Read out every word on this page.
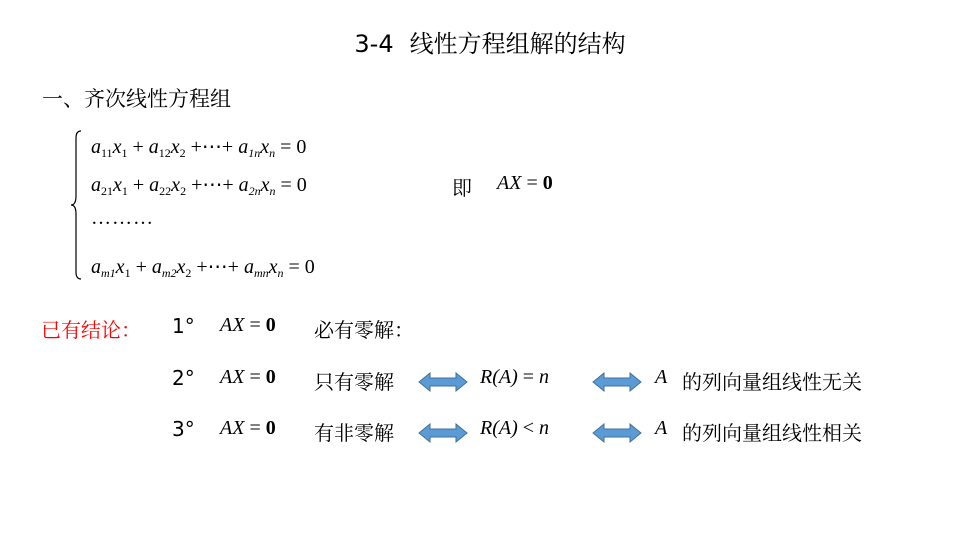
3-4 线性方程组解的结构
一、齐次线性方程组
$a_{11}x_1 + a_{12}x_2$ +⋯+ $a_{1n}x_n = 0$
$a_{21}x_1 + a_{22}x_2$ +⋯+ $a_{2n}x_n = 0$
………
$a_{m1}x_1 + a_{m2}x_2$ +⋯+ $a_{mn}x_n = 0$
即 AX = 0
已有结论： 1° AX = 0 必有零解：
2° AX = 0 只有零解	R(A) = n	A 的列向量组线性无关
3° AX = 0 有非零解	R(A) < n	A 的列向量组线性相关
